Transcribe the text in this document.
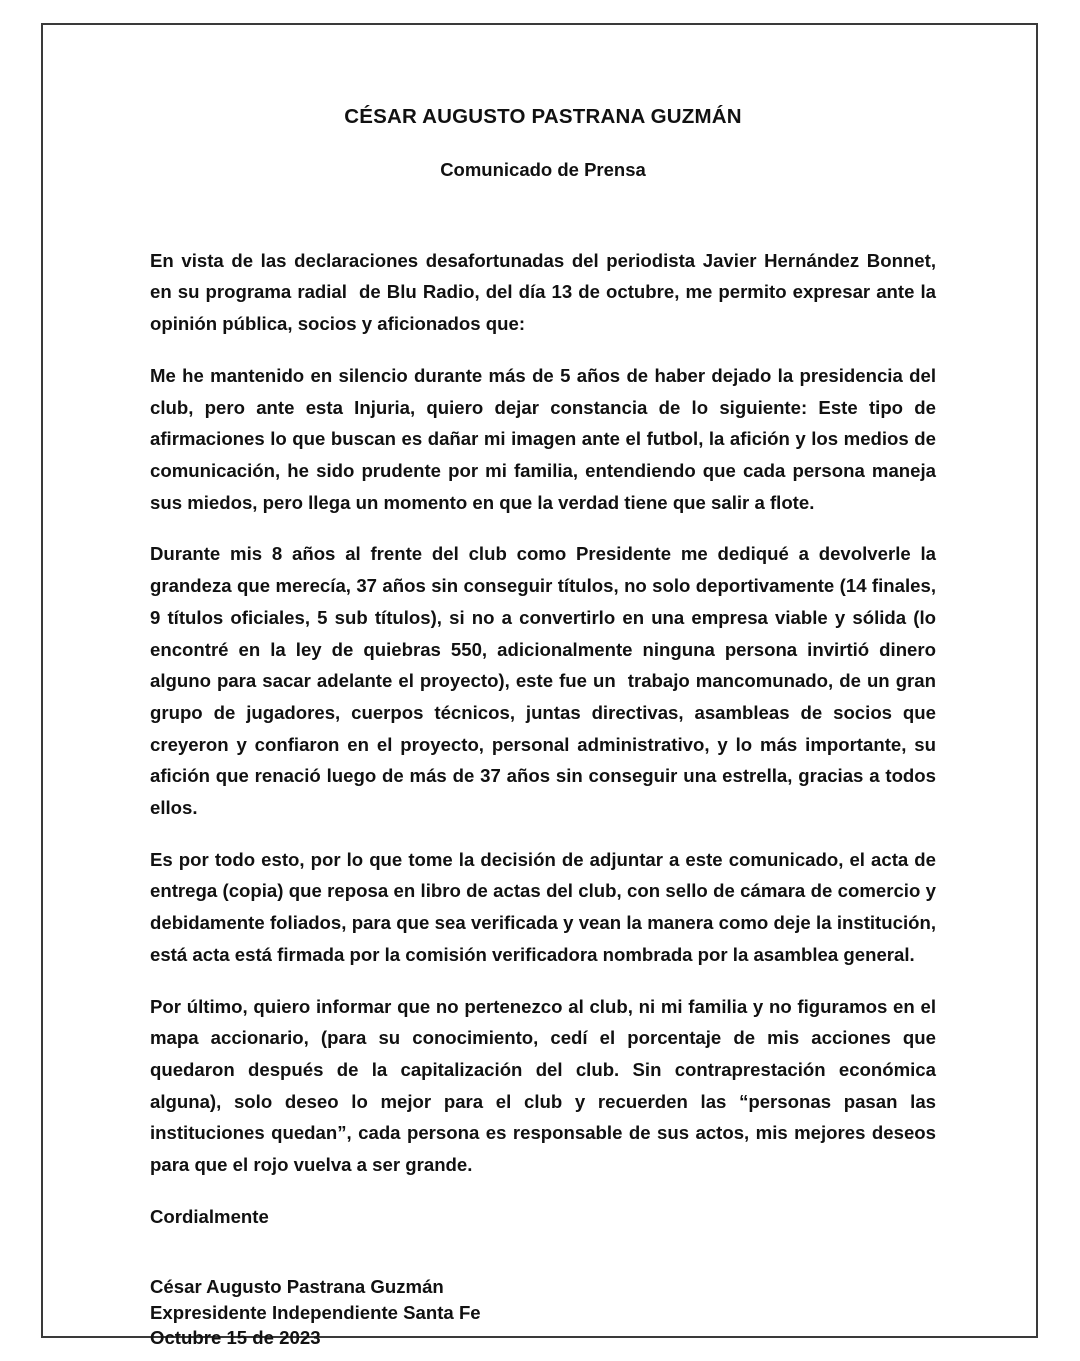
CÉSAR AUGUSTO PASTRANA GUZMÁN
Comunicado de Prensa

En vista de las declaraciones desafortunadas del periodista Javier Hernández Bonnet, en su programa radial  de Blu Radio, del día 13 de octubre, me permito expresar ante la opinión pública, socios y aficionados que:

Me he mantenido en silencio durante más de 5 años de haber dejado la presidencia del club, pero ante esta Injuria, quiero dejar constancia de lo siguiente: Este tipo de afirmaciones lo que buscan es dañar mi imagen ante el futbol, la afición y los medios de comunicación, he sido prudente por mi familia, entendiendo que cada persona maneja sus miedos, pero llega un momento en que la verdad tiene que salir a flote.

Durante mis 8 años al frente del club como Presidente me dediqué a devolverle la grandeza que merecía, 37 años sin conseguir títulos, no solo deportivamente (14 finales, 9 títulos oficiales, 5 sub títulos), si no a convertirlo en una empresa viable y sólida (lo encontré en la ley de quiebras 550, adicionalmente ninguna persona invirtió dinero alguno para sacar adelante el proyecto), este fue un  trabajo mancomunado, de un gran grupo de jugadores, cuerpos técnicos, juntas directivas, asambleas de socios que creyeron y confiaron en el proyecto, personal administrativo, y lo más importante, su afición que renació luego de más de 37 años sin conseguir una estrella, gracias a todos ellos.

Es por todo esto, por lo que tome la decisión de adjuntar a este comunicado, el acta de entrega (copia) que reposa en libro de actas del club, con sello de cámara de comercio y debidamente foliados, para que sea verificada y vean la manera como deje la institución, está acta está firmada por la comisión verificadora nombrada por la asamblea general.

Por último, quiero informar que no pertenezco al club, ni mi familia y no figuramos en el mapa accionario, (para su conocimiento, cedí el porcentaje de mis acciones que quedaron después de la capitalización del club. Sin contraprestación económica alguna), solo deseo lo mejor para el club y recuerden las “personas pasan las instituciones quedan”, cada persona es responsable de sus actos, mis mejores deseos para que el rojo vuelva a ser grande.

Cordialmente

César Augusto Pastrana Guzmán
Expresidente Independiente Santa Fe
Octubre 15 de 2023
